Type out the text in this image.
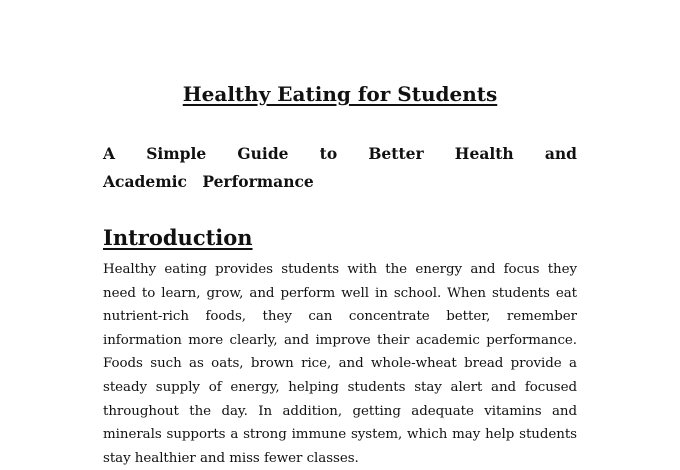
Healthy Eating for Students
A Simple Guide to Better Health and Academic Performance
Introduction

Healthy eating provides students with the energy and focus they need to learn, grow, and perform well in school. When students eat nutrient-rich foods, they can concentrate better, remember information more clearly, and improve their academic performance. Foods such as oats, brown rice, and whole-wheat bread provide a steady supply of energy, helping students stay alert and focused throughout the day. In addition, getting adequate vitamins and minerals supports a strong immune system, which may help students stay healthier and miss fewer classes.
